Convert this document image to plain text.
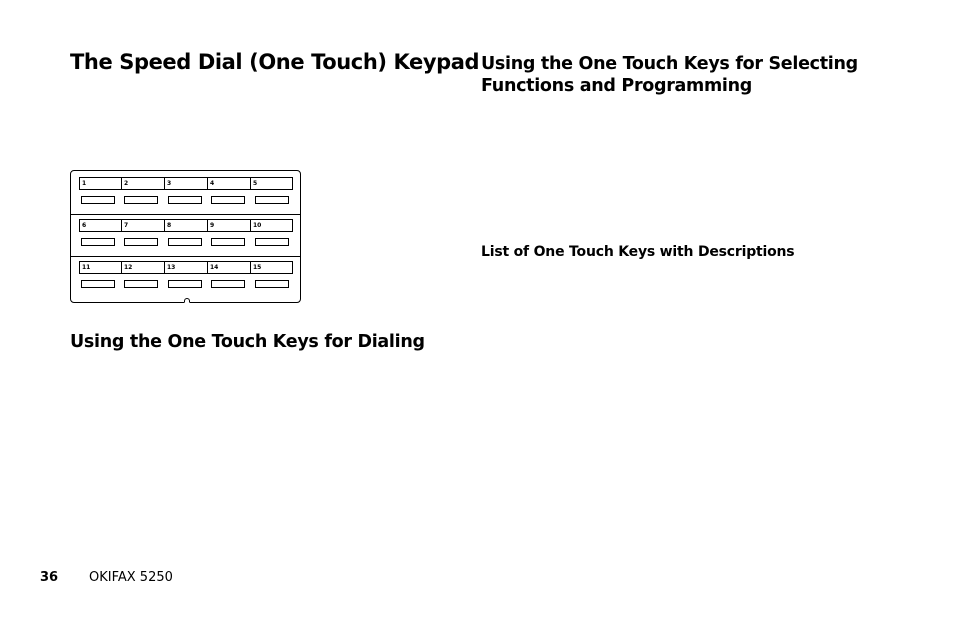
The Speed Dial (One Touch) Keypad Using the One Touch Keys for Selecting
Functions and Programming
1	2	3	4	5
6	7	8	9	10
11	12	13	14	15
List of One Touch Keys with Descriptions
Using the One Touch Keys for Dialing
36 OKIFAX 5250
